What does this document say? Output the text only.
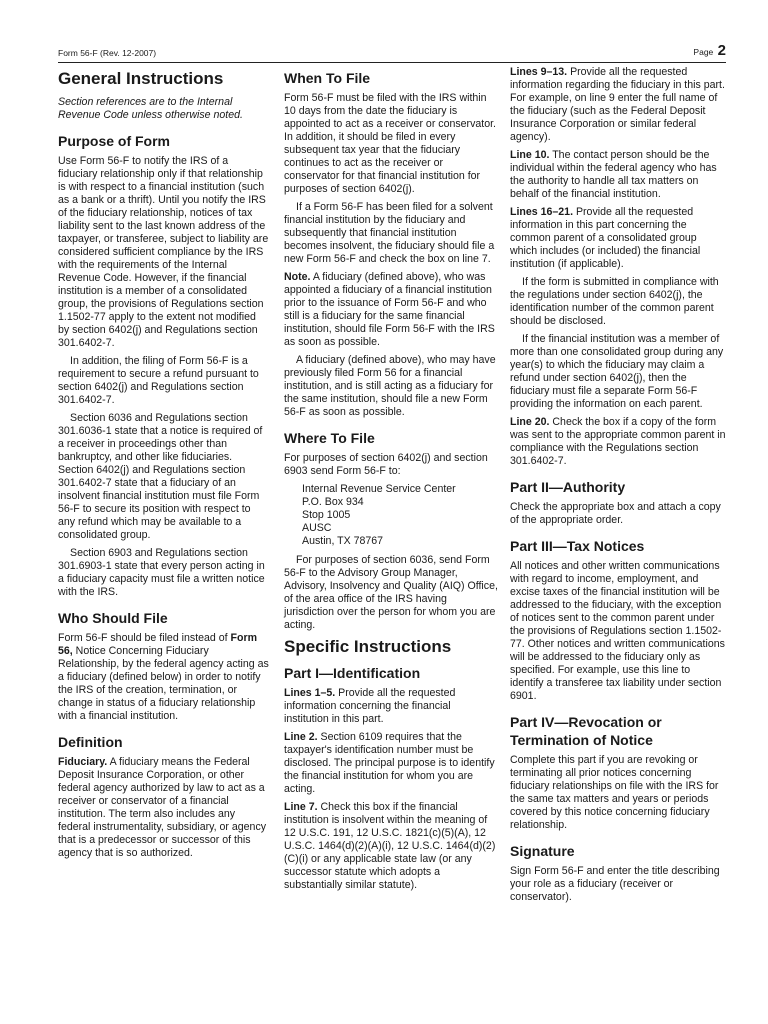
Form 56-F (Rev. 12-2007)	Page 2
General Instructions

Section references are to the Internal Revenue Code unless otherwise noted.

Purpose of Form

Use Form 56-F to notify the IRS of a fiduciary relationship only if that relationship is with respect to a financial institution (such as a bank or a thrift). Until you notify the IRS of the fiduciary relationship, notices of tax liability sent to the last known address of the taxpayer, or transferee, subject to liability are considered sufficient compliance by the IRS with the requirements of the Internal Revenue Code. However, if the financial institution is a member of a consolidated group, the provisions of Regulations section 1.1502-77 apply to the extent not modified by section 6402(j) and Regulations section 301.6402-7.

In addition, the filing of Form 56-F is a requirement to secure a refund pursuant to section 6402(j) and Regulations section 301.6402-7.

Section 6036 and Regulations section 301.6036-1 state that a notice is required of a receiver in proceedings other than bankruptcy, and other like fiduciaries. Section 6402(j) and Regulations section 301.6402-7 state that a fiduciary of an insolvent financial institution must file Form 56-F to secure its position with respect to any refund which may be available to a consolidated group.

Section 6903 and Regulations section 301.6903-1 state that every person acting in a fiduciary capacity must file a written notice with the IRS.

Who Should File

Form 56-F should be filed instead of Form 56, Notice Concerning Fiduciary Relationship, by the federal agency acting as a fiduciary (defined below) in order to notify the IRS of the creation, termination, or change in status of a fiduciary relationship with a financial institution.

Definition

Fiduciary. A fiduciary means the Federal Deposit Insurance Corporation, or other federal agency authorized by law to act as a receiver or conservator of a financial institution. The term also includes any federal instrumentality, subsidiary, or agency that is a predecessor or successor of this agency that is so authorized.

When To File

Form 56-F must be filed with the IRS within 10 days from the date the fiduciary is appointed to act as a receiver or conservator. In addition, it should be filed in every subsequent tax year that the fiduciary continues to act as the receiver or conservator for that financial institution for purposes of section 6402(j).

If a Form 56-F has been filed for a solvent financial institution by the fiduciary and subsequently that financial institution becomes insolvent, the fiduciary should file a new Form 56-F and check the box on line 7.

Note. A fiduciary (defined above), who was appointed a fiduciary of a financial institution prior to the issuance of Form 56-F and who still is a fiduciary for the same financial institution, should file Form 56-F with the IRS as soon as possible.

A fiduciary (defined above), who may have previously filed Form 56 for a financial institution, and is still acting as a fiduciary for the same institution, should file a new Form 56-F as soon as possible.

Where To File

For purposes of section 6402(j) and section 6903 send Form 56-F to:

Internal Revenue Service Center
P.O. Box 934
Stop 1005
AUSC
Austin, TX 78767

For purposes of section 6036, send Form 56-F to the Advisory Group Manager, Advisory, Insolvency and Quality (AIQ) Office, of the area office of the IRS having jurisdiction over the person for whom you are acting.

Specific Instructions
Part I—Identification

Lines 1–5. Provide all the requested information concerning the financial institution in this part.

Line 2. Section 6109 requires that the taxpayer's identification number must be disclosed. The principal purpose is to identify the financial institution for whom you are acting.

Line 7. Check this box if the financial institution is insolvent within the meaning of 12 U.S.C. 191, 12 U.S.C. 1821(c)(5)(A), 12 U.S.C. 1464(d)(2)(A)(i), 12 U.S.C. 1464(d)(2)(C)(i) or any applicable state law (or any successor statute which adopts a substantially similar statute).

Lines 9–13. Provide all the requested information regarding the fiduciary in this part. For example, on line 9 enter the full name of the fiduciary (such as the Federal Deposit Insurance Corporation or similar federal agency).

Line 10. The contact person should be the individual within the federal agency who has the authority to handle all tax matters on behalf of the financial institution.

Lines 16–21. Provide all the requested information in this part concerning the common parent of a consolidated group which includes (or included) the financial institution (if applicable).

If the form is submitted in compliance with the regulations under section 6402(j), the identification number of the common parent should be disclosed.

If the financial institution was a member of more than one consolidated group during any year(s) to which the fiduciary may claim a refund under section 6402(j), then the fiduciary must file a separate Form 56-F providing the information on each parent.

Line 20. Check the box if a copy of the form was sent to the appropriate common parent in compliance with the Regulations section 301.6402-7.

Part II—Authority

Check the appropriate box and attach a copy of the appropriate order.

Part III—Tax Notices

All notices and other written communications with regard to income, employment, and excise taxes of the financial institution will be addressed to the fiduciary, with the exception of notices sent to the common parent under the provisions of Regulations section 1.1502-77. Other notices and written communications will be addressed to the fiduciary only as specified. For example, use this line to identify a transferee tax liability under section 6901.

Part IV—Revocation or Termination of Notice

Complete this part if you are revoking or terminating all prior notices concerning fiduciary relationships on file with the IRS for the same tax matters and years or periods covered by this notice concerning fiduciary relationship.

Signature

Sign Form 56-F and enter the title describing your role as a fiduciary (receiver or conservator).
